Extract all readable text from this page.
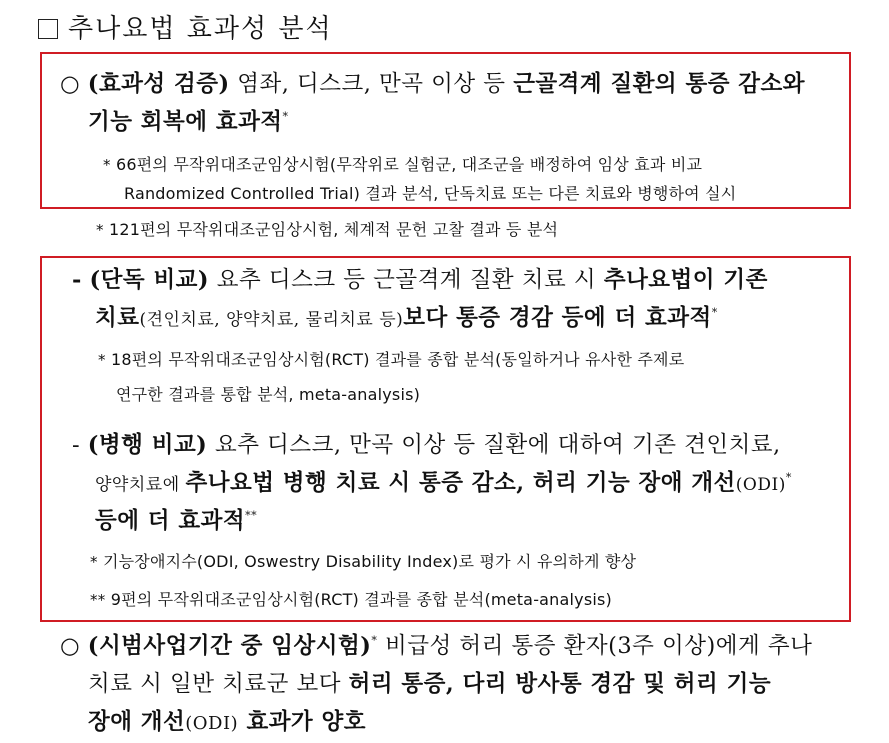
추나요법 효과성 분석
○ (효과성 검증) 염좌, 디스크, 만곡 이상 등 근골격계 질환의 통증 감소와
기능 회복에 효과적*
* 66편의 무작위대조군임상시험(무작위로 실험군, 대조군을 배정하여 임상 효과 비교
Randomized Controlled Trial) 결과 분석, 단독치료 또는 다른 치료와 병행하여 실시
* 121편의 무작위대조군임상시험, 체계적 문헌 고찰 결과 등 분석
- (단독 비교) 요추 디스크 등 근골격계 질환 치료 시 추나요법이 기존
치료(견인치료, 양약치료, 물리치료 등)보다 통증 경감 등에 더 효과적*
* 18편의 무작위대조군임상시험(RCT) 결과를 종합 분석(동일하거나 유사한 주제로
연구한 결과를 통합 분석, meta-analysis)
- (병행 비교) 요추 디스크, 만곡 이상 등 질환에 대하여 기존 견인치료,
양약치료에 추나요법 병행 치료 시 통증 감소, 허리 기능 장애 개선(ODI)*
등에 더 효과적**
* 기능장애지수(ODI, Oswestry Disability Index)로 평가 시 유의하게 향상
** 9편의 무작위대조군임상시험(RCT) 결과를 종합 분석(meta-analysis)
○ (시범사업기간 중 임상시험)* 비급성 허리 통증 환자(3주 이상)에게 추나
치료 시 일반 치료군 보다 허리 통증, 다리 방사통 경감 및 허리 기능
장애 개선(ODI) 효과가 양호
